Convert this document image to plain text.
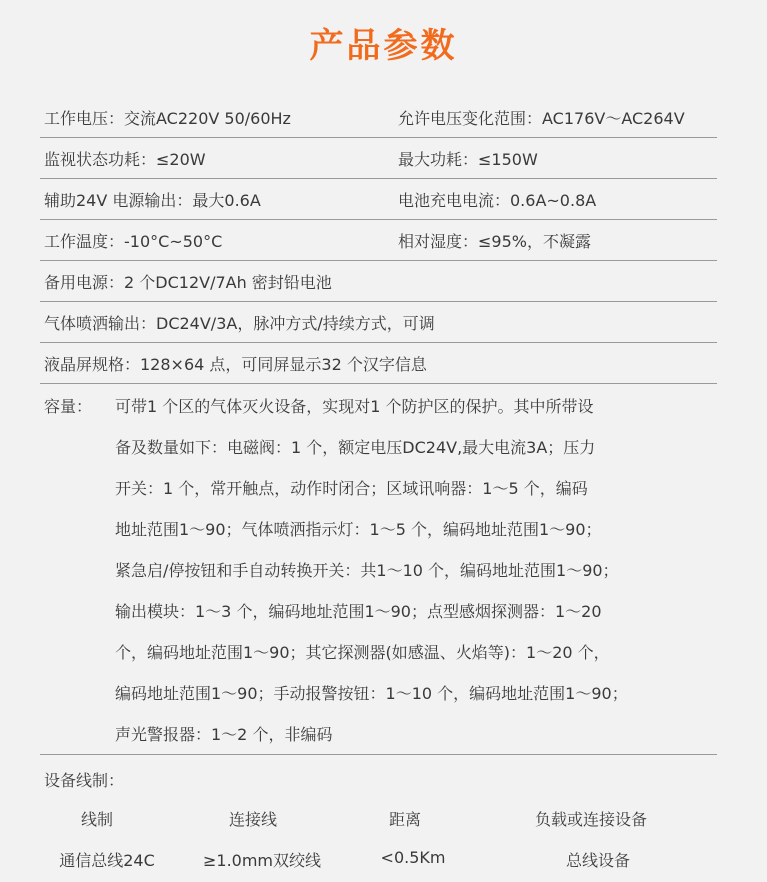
产品参数
工作电压：交流AC220V 50/60Hz	允许电压变化范围：AC176V～AC264V
监视状态功耗：≤20W	最大功耗：≤150W
辅助24V 电源输出：最大0.6A	电池充电电流：0.6A~0.8A
工作温度：-10°C~50°C	相对湿度：≤95%，不凝露
备用电源：2 个DC12V/7Ah 密封铅电池
气体喷洒输出：DC24V/3A，脉冲方式/持续方式，可调
液晶屏规格：128×64 点，可同屏显示32 个汉字信息
容量： 可带1 个区的气体灭火设备，实现对1 个防护区的保护。其中所带设
备及数量如下：电磁阀：1 个，额定电压DC24V,最大电流3A；压力
开关：1 个，常开触点，动作时闭合；区域讯响器：1～5 个，编码
地址范围1～90；气体喷洒指示灯：1～5 个，编码地址范围1～90；
紧急启/停按钮和手自动转换开关：共1～10 个，编码地址范围1～90；
输出模块：1～3 个，编码地址范围1～90；点型感烟探测器：1～20
个，编码地址范围1～90；其它探测器(如感温、火焰等)：1～20 个，
编码地址范围1～90；手动报警按钮：1～10 个，编码地址范围1～90；
声光警报器：1～2 个，非编码
设备线制：
线制	连接线	距离	负载或连接设备
通信总线24C	≥1.0mm双绞线	<0.5Km	总线设备
